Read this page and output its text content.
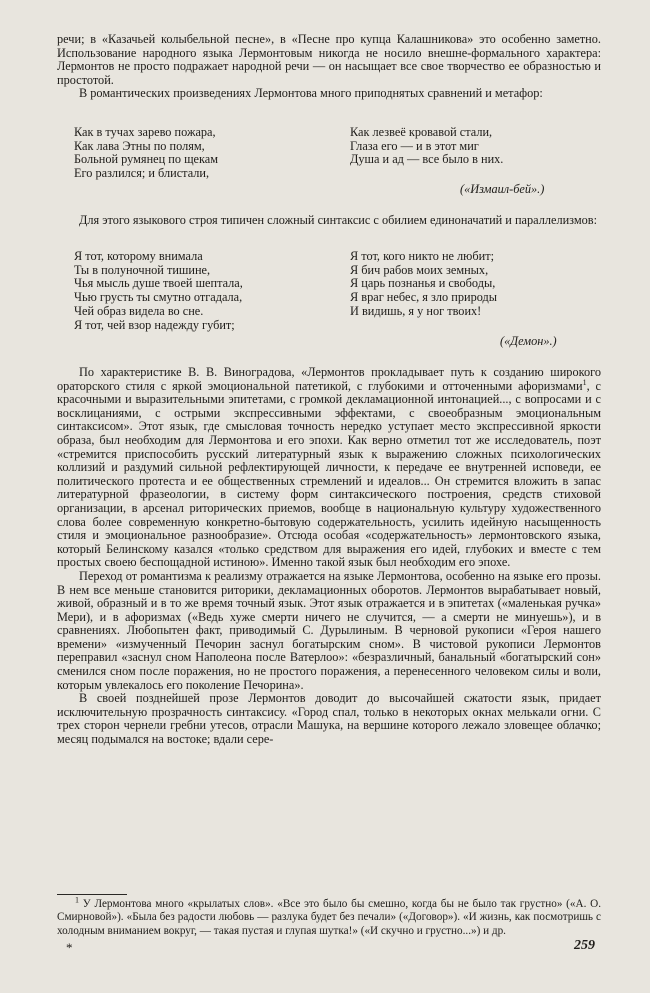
речи; в «Казачьей колыбельной песне», в «Песне про купца Калашникова» это особенно заметно. Использование народного языка Лермонтовым никогда не носило внешне-формального характера: Лермонтов не просто подражает народной речи — он насыщает все свое творчество ее образностью и простотой.

В романтических произведениях Лермонтова много приподнятых сравнений и метафор:

Как в тучах зарево пожара,
Как лава Этны по полям,
Больной румянец по щекам
Его разлился; и блистали,
Как лезвеё кровавой стали,
Глаза его — и в этот миг
Душа и ад — все было в них.
(«Измаил-бей».)

Для этого языкового строя типичен сложный синтаксис с обилием единоначатий и параллелизмов:

Я тот, которому внимала
Ты в полуночной тишине,
Чья мысль душе твоей шептала,
Чью грусть ты смутно отгадала,
Чей образ видела во сне.
Я тот, чей взор надежду губит;
Я тот, кого никто не любит;
Я бич рабов моих земных,
Я царь познанья и свободы,
Я враг небес, я зло природы
И видишь, я у ног твоих!
(«Демон».)

По характеристике В. В. Виноградова, «Лермонтов прокладывает путь к созданию широкого ораторского стиля с яркой эмоциональной патетикой, с глубокими и отточенными афоризмами$^1$, с красочными и выразительными эпитетами, с громкой декламационной интонацией..., с вопросами и с восклицаниями, с острыми экспрессивными эффектами, с своеобразным эмоциональным синтаксисом». Этот язык, где смысловая точность нередко уступает место экспрессивной яркости образа, был необходим для Лермонтова и его эпохи. Как верно отметил тот же исследователь, поэт «стремится приспособить русский литературный язык к выражению сложных психологических коллизий и раздумий сильной рефлектирующей личности, к передаче ее внутренней исповеди, ее политического протеста и ее общественных стремлений и идеалов... Он стремится вложить в запас литературной фразеологии, в систему форм синтаксического построения, средств стиховой организации, в арсенал риторических приемов, вообще в национальную культуру художественного слова более современную конкретно-бытовую содержательность, усилить идейную насыщенность стиля и эмоциональное разнообразие». Отсюда особая «содержательность» лермонтовского языка, который Белинскому казался «только средством для выражения его идей, глубоких и вместе с тем простых своею беспощадной истиною». Именно такой язык был необходим его эпохе.

Переход от романтизма к реализму отражается на языке Лермонтова, особенно на языке его прозы. В нем все меньше становится риторики, декламационных оборотов. Лермонтов вырабатывает новый, живой, образный и в то же время точный язык. Этот язык отражается и в эпитетах («маленькая ручка» Мери), и в афоризмах («Ведь хуже смерти ничего не случится, — а смерти не минуешь»), и в сравнениях. Любопытен факт, приводимый С. Дурылиным. В черновой рукописи «Героя нашего времени» «измученный Печорин заснул богатырским сном». В чистовой рукописи Лермонтов переправил «заснул сном Наполеона после Ватерлоо»: «безразличный, банальный «богатырский сон» сменился сном после поражения, но не простого поражения, а перенесенного человеком силы и воли, которым увлекалось его поколение Печорина».

В своей позднейшей прозе Лермонтов доводит до высочайшей сжатости язык, придает исключительную прозрачность синтаксису. «Город спал, только в некоторых окнах мелькали огни. С трех сторон чернели гребни утесов, отрасли Машука, на вершине которого лежало зловещее облачко; месяц подымался на востоке; вдали сере-

$^1$ У Лермонтова много «крылатых слов». «Все это было бы смешно, когда бы не было так грустно» («А. О. Смирновой»). «Была без радости любовь — разлука будет без печали» («Договор»). «И жизнь, как посмотришь с холодным вниманием вокруг, — такая пустая и глупая шутка!» («И скучно и грустно...») и др.

*	259
